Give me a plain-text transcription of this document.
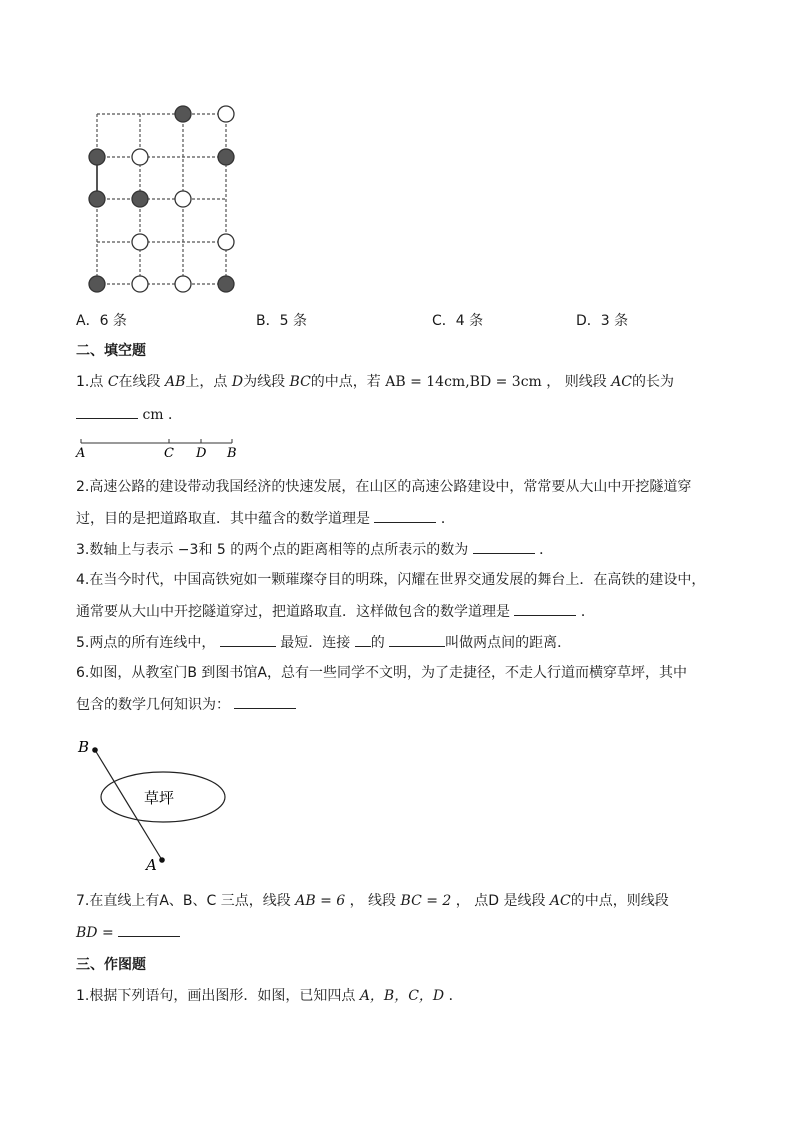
A．6 条	B．5 条	C．4 条	D．3 条
二、填空题
1.点 C在线段 AB上，点 D为线段 BC的中点，若 AB = 14cm,BD = 3cm ， 则线段 AC的长为
cm ．
A	C D B
2.高速公路的建设带动我国经济的快速发展，在山区的高速公路建设中，常常要从大山中开挖隧道穿
过，目的是把道路取直．其中蕴含的数学道理是	．
3.数轴上与表示 −3和 5 的两个点的距离相等的点所表示的数为	．
4.在当今时代，中国高铁宛如一颗璀璨夺目的明珠，闪耀在世界交通发展的舞台上．在高铁的建设中，
通常要从大山中开挖隧道穿过，把道路取直．这样做包含的数学道理是	．
5.两点的所有连线中，	最短．连接 的	叫做两点间的距离．
6.如图，从教室门B 到图书馆A，总有一些同学不文明，为了走捷径，不走人行道而横穿草坪，其中
包含的数学几何知识为：
B
A
草坪
7.在直线上有A、B、C 三点，线段 AB = 6 ， 线段 BC = 2 ， 点D 是线段 AC的中点，则线段
BD =
三、作图题
1.根据下列语句，画出图形．如图，已知四点 A，B，C，D ．
